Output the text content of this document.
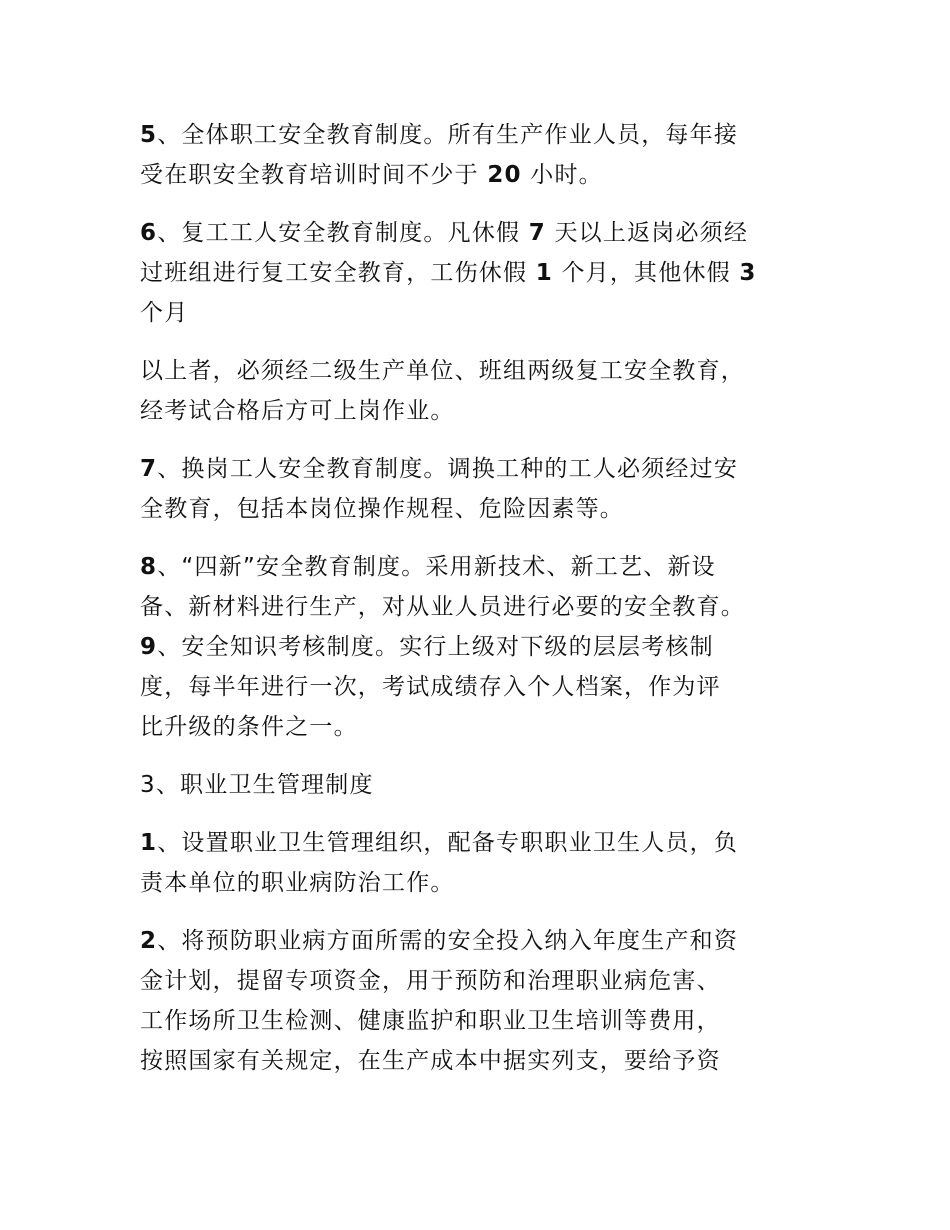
5、全体职工安全教育制度。所有生产作业人员，每年接
受在职安全教育培训时间不少于 20 小时。

6、复工工人安全教育制度。凡休假 7 天以上返岗必须经
过班组进行复工安全教育，工伤休假 1 个月，其他休假 3
个月

以上者，必须经二级生产单位、班组两级复工安全教育，
经考试合格后方可上岗作业。

7、换岗工人安全教育制度。调换工种的工人必须经过安
全教育，包括本岗位操作规程、危险因素等。

8、“四新”安全教育制度。采用新技术、新工艺、新设
备、新材料进行生产，对从业人员进行必要的安全教育。
9、安全知识考核制度。实行上级对下级的层层考核制
度，每半年进行一次，考试成绩存入个人档案，作为评
比升级的条件之一。

3、职业卫生管理制度

1、设置职业卫生管理组织，配备专职职业卫生人员，负
责本单位的职业病防治工作。

2、将预防职业病方面所需的安全投入纳入年度生产和资
金计划，提留专项资金，用于预防和治理职业病危害、
工作场所卫生检测、健康监护和职业卫生培训等费用，
按照国家有关规定，在生产成本中据实列支，要给予资
